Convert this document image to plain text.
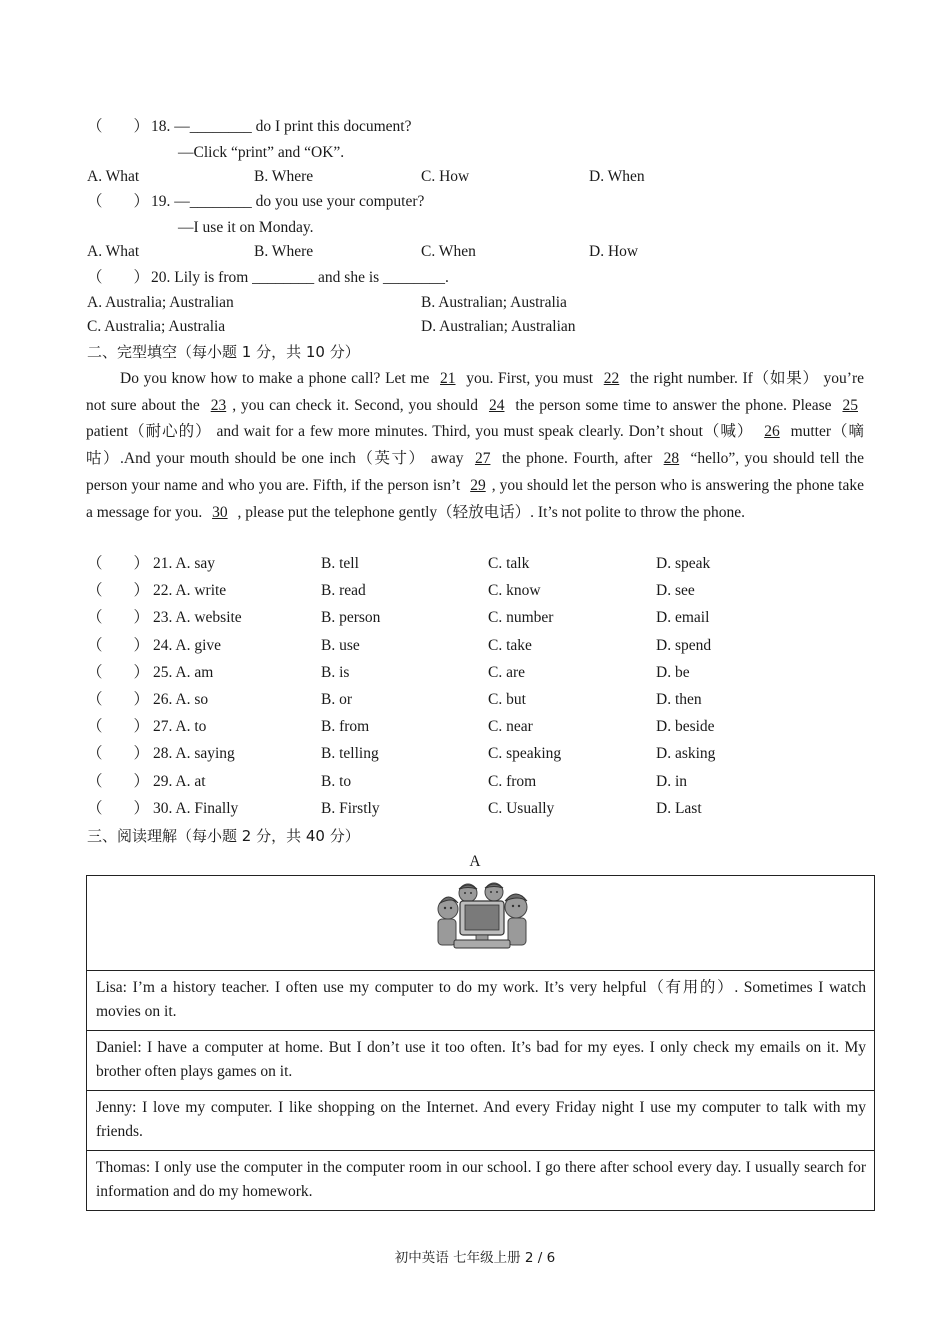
（　　） 18. —________ do I print this document?
—Click “print” and “OK”.
A. What	B. Where	C. How	D. When
（　　） 19. —________ do you use your computer?
—I use it on Monday.
A. What	B. Where	C. When	D. How
（　　） 20. Lily is from ________ and she is ________.
A. Australia; Australian	B. Australian; Australia
C. Australia; Australia	D. Australian; Australian
二、完型填空（每小题 1 分，共 10 分）
Do you know how to make a phone call? Let me 21 you. First, you must 22 the right number. If（如果） you’re not sure about the 23 , you can check it. Second, you should 24 the person some time to answer the phone. Please 25 patient（耐心的） and wait for a few more minutes. Third, you must speak clearly. Don’t shout（喊） 26 mutter（嘀咕）.And your mouth should be one inch（英寸） away 27 the phone. Fourth, after 28 “hello”, you should tell the person your name and who you are. Fifth, if the person isn’t 29 , you should let the person who is answering the phone take a message for you. 30 , please put the telephone gently（轻放电话）. It’s not polite to throw the phone.
（　　） 21. A. say	B. tell	C. talk	D. speak
（　　） 22. A. write	B. read	C. know	D. see
（　　） 23. A. website	B. person	C. number	D. email
（　　） 24. A. give	B. use	C. take	D. spend
（　　） 25. A. am	B. is	C. are	D. be
（　　） 26. A. so	B. or	C. but	D. then
（　　） 27. A. to	B. from	C. near	D. beside
（　　） 28. A. saying	B. telling	C. speaking	D. asking
（　　） 29. A. at	B. to	C. from	D. in
（　　） 30. A. Finally	B. Firstly	C. Usually	D. Last
三、阅读理解（每小题 2 分，共 40 分）
A
Lisa: I’m a history teacher. I often use my computer to do my work. It’s very helpful（有用的）. Sometimes I watch movies on it.
Daniel: I have a computer at home. But I don’t use it too often. It’s bad for my eyes. I only check my emails on it. My brother often plays games on it.
Jenny: I love my computer. I like shopping on the Internet. And every Friday night I use my computer to talk with my friends.
Thomas: I only use the computer in the computer room in our school. I go there after school every day. I usually search for information and do my homework.
初中英语 七年级上册 2 / 6
